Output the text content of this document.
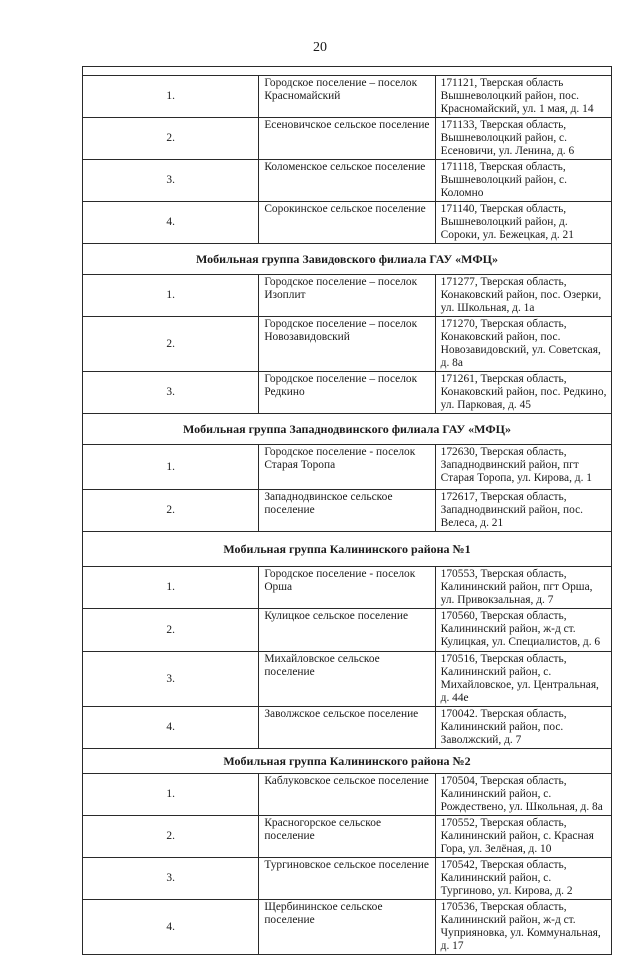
20

1.	Городское поселение – поселок Красномайский	171121, Тверская область Вышневолоцкий район, пос. Красномайский, ул. 1 мая, д. 14
2.	Есеновичское сельское поселение	171133, Тверская область, Вышневолоцкий район, с. Есеновичи, ул. Ленина, д. 6
3.	Коломенское сельское поселение	171118, Тверская область, Вышневолоцкий район, с. Коломно
4.	Сорокинское сельское поселение	171140, Тверская область, Вышневолоцкий район, д. Сороки, ул. Бежецкая, д. 21
Мобильная группа Завидовского филиала ГАУ «МФЦ»		
1.	Городское поселение – поселок Изоплит	171277, Тверская область, Конаковский район, пос. Озерки, ул. Школьная, д. 1а
2.	Городское поселение – поселок Новозавидовский	171270, Тверская область, Конаковский район, пос. Новозавидовский, ул. Советская, д. 8а
3.	Городское поселение – поселок Редкино	171261, Тверская область, Конаковский район, пос. Редкино, ул. Парковая, д. 45
Мобильная группа Западнодвинского филиала ГАУ «МФЦ»		
1.	Городское поселение - поселок Старая Торопа	172630, Тверская область, Западнодвинский район, пгт Старая Торопа, ул. Кирова, д. 1
2.	Западнодвинское сельское поселение	172617, Тверская область, Западнодвинский район, пос. Велеса, д. 21
Мобильная группа Калининского района №1		
1.	Городское поселение - поселок Орша	170553, Тверская область, Калининский район, пгт Орша, ул. Привокзальная, д. 7
2.	Кулицкое сельское поселение	170560, Тверская область, Калининский район, ж-д ст. Кулицкая, ул. Специалистов, д. 6
3.	Михайловское сельское поселение	170516, Тверская область, Калининский район, с. Михайловское, ул. Центральная, д. 44е
4.	Заволжское сельское поселение	170042. Тверская область, Калининский район, пос. Заволжский, д. 7
Мобильная группа Калининского района №2		
1.	Каблуковское сельское поселение	170504, Тверская область, Калининский район, с. Рождествено, ул. Школьная, д. 8а
2.	Красногорское сельское поселение	170552, Тверская область, Калининский район, с. Красная Гора, ул. Зелёная, д. 10
3.	Тургиновское сельское поселение	170542, Тверская область, Калининский район, с. Тургиново, ул. Кирова, д. 2
4.	Щербининское сельское поселение	170536, Тверская область, Калининский район, ж-д ст. Чуприяновка, ул. Коммунальная, д. 17
